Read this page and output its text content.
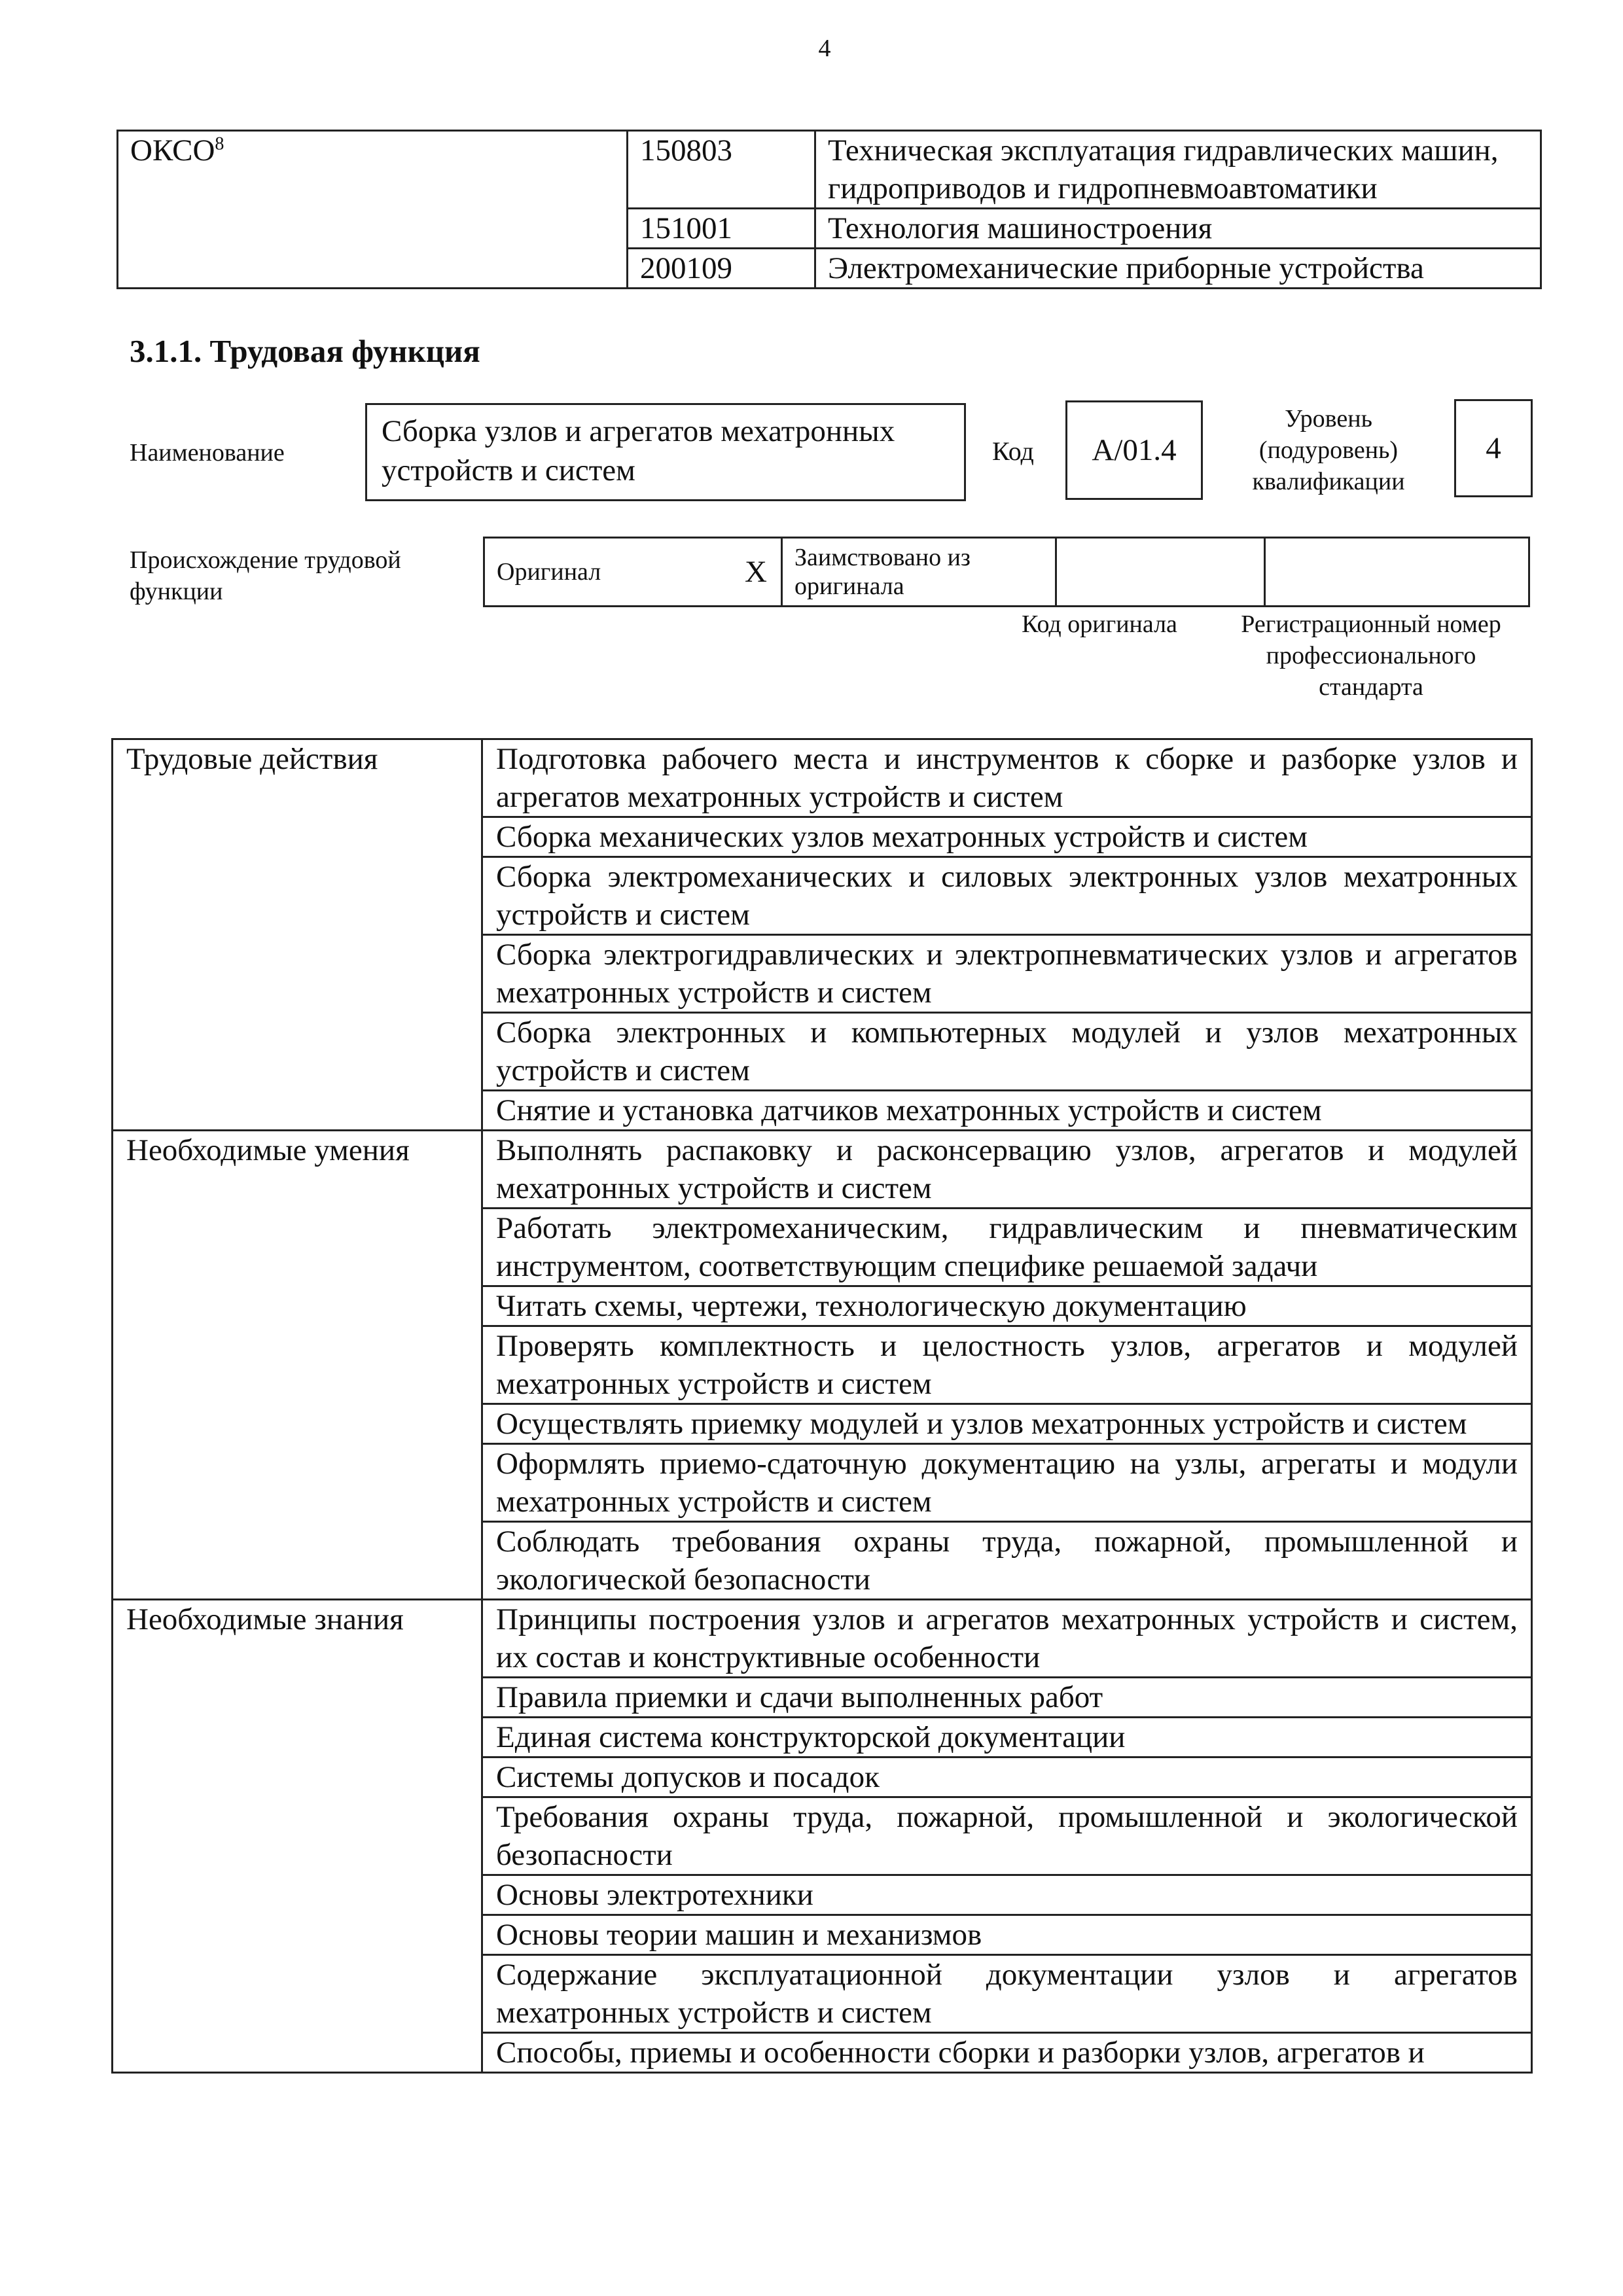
4
ОКСО$^8$	150803	Техническая эксплуатация гидравлических машин, гидроприводов и гидропневмоавтоматики
	151001	Технология машиностроения
	200109	Электромеханические приборные устройства
3.1.1. Трудовая функция
Наименование
Сборка узлов и агрегатов мехатронных устройств и систем
Код	A/01.4
Уровень (подуровень) квалификации
4
Происхождение трудовой функции
Оригинал	X	Заимствовано из оригинала		
Код оригинала	Регистрационный номер профессионального стандарта
Трудовые действия	Подготовка рабочего места и инструментов к сборке и разборке узлов и агрегатов мехатронных устройств и систем
	Сборка механических узлов мехатронных устройств и систем
	Сборка электромеханических и силовых электронных узлов мехатронных устройств и систем
	Сборка электрогидравлических и электропневматических узлов и агрегатов мехатронных устройств и систем
	Сборка электронных и компьютерных модулей и узлов мехатронных устройств и систем
	Снятие и установка датчиков мехатронных устройств и систем
Необходимые умения	Выполнять распаковку и расконсервацию узлов, агрегатов и модулей мехатронных устройств и систем
	Работать электромеханическим, гидравлическим и пневматическим инструментом, соответствующим специфике решаемой задачи
	Читать схемы, чертежи, технологическую документацию
	Проверять комплектность и целостность узлов, агрегатов и модулей мехатронных устройств и систем
	Осуществлять приемку модулей и узлов мехатронных устройств и систем
	Оформлять приемо-сдаточную документацию на узлы, агрегаты и модули мехатронных устройств и систем
	Соблюдать требования охраны труда, пожарной, промышленной и экологической безопасности
Необходимые знания	Принципы построения узлов и агрегатов мехатронных устройств и систем, их состав и конструктивные особенности
	Правила приемки и сдачи выполненных работ
	Единая система конструкторской документации
	Системы допусков и посадок
	Требования охраны труда, пожарной, промышленной и экологической безопасности
	Основы электротехники
	Основы теории машин и механизмов
	Содержание эксплуатационной документации узлов и агрегатов мехатронных устройств и систем
	Способы, приемы и особенности сборки и разборки узлов, агрегатов и
